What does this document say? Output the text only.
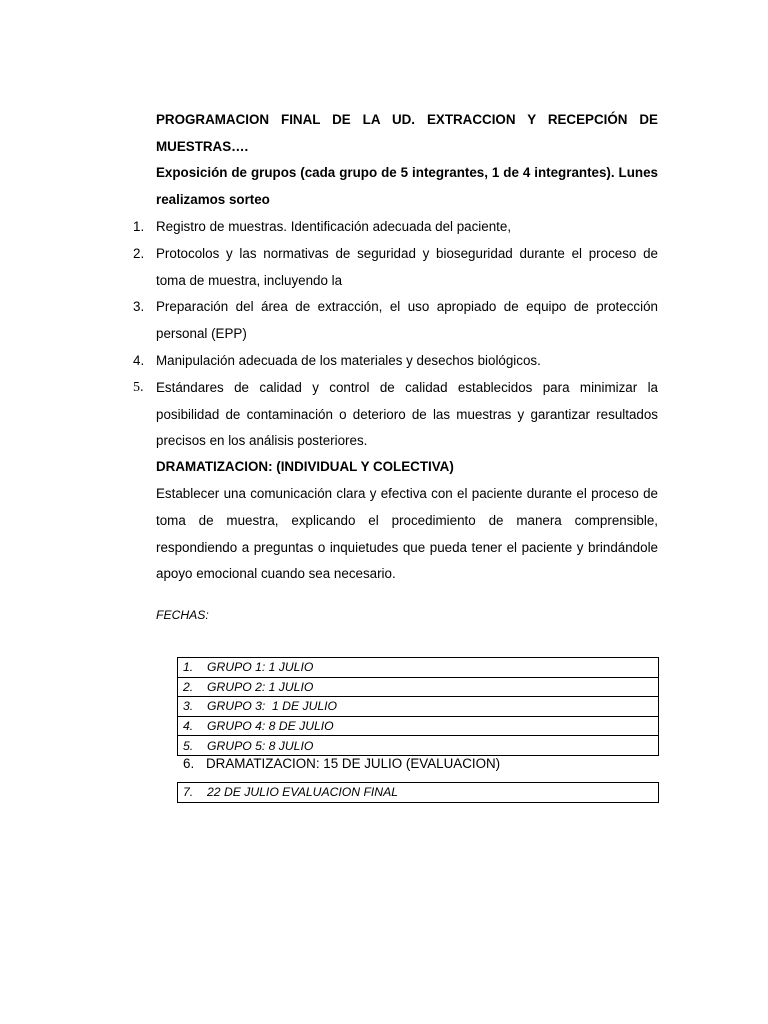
PROGRAMACION FINAL DE LA UD. EXTRACCION Y RECEPCIÓN DE MUESTRAS….
Exposición de grupos (cada grupo de 5 integrantes, 1 de 4 integrantes). Lunes realizamos sorteo
1. Registro de muestras. Identificación adecuada del paciente,
2. Protocolos y las normativas de seguridad y bioseguridad durante el proceso de toma de muestra, incluyendo la
3. Preparación del área de extracción, el uso apropiado de equipo de protección personal (EPP)
4. Manipulación adecuada de los materiales y desechos biológicos.
5. Estándares de calidad y control de calidad establecidos para minimizar la posibilidad de contaminación o deterioro de las muestras y garantizar resultados precisos en los análisis posteriores.
DRAMATIZACION: (INDIVIDUAL Y COLECTIVA)
Establecer una comunicación clara y efectiva con el paciente durante el proceso de toma de muestra, explicando el procedimiento de manera comprensible, respondiendo a preguntas o inquietudes que pueda tener el paciente y brindándole apoyo emocional cuando sea necesario.
FECHAS:
1. GRUPO 1: 1 JULIO
2. GRUPO 2: 1 JULIO
3. GRUPO 3:  1 DE JULIO
4. GRUPO 4: 8 DE JULIO
5. GRUPO 5: 8 JULIO
6. DRAMATIZACION: 15 DE JULIO (EVALUACION)
7. 22 DE JULIO EVALUACION FINAL
